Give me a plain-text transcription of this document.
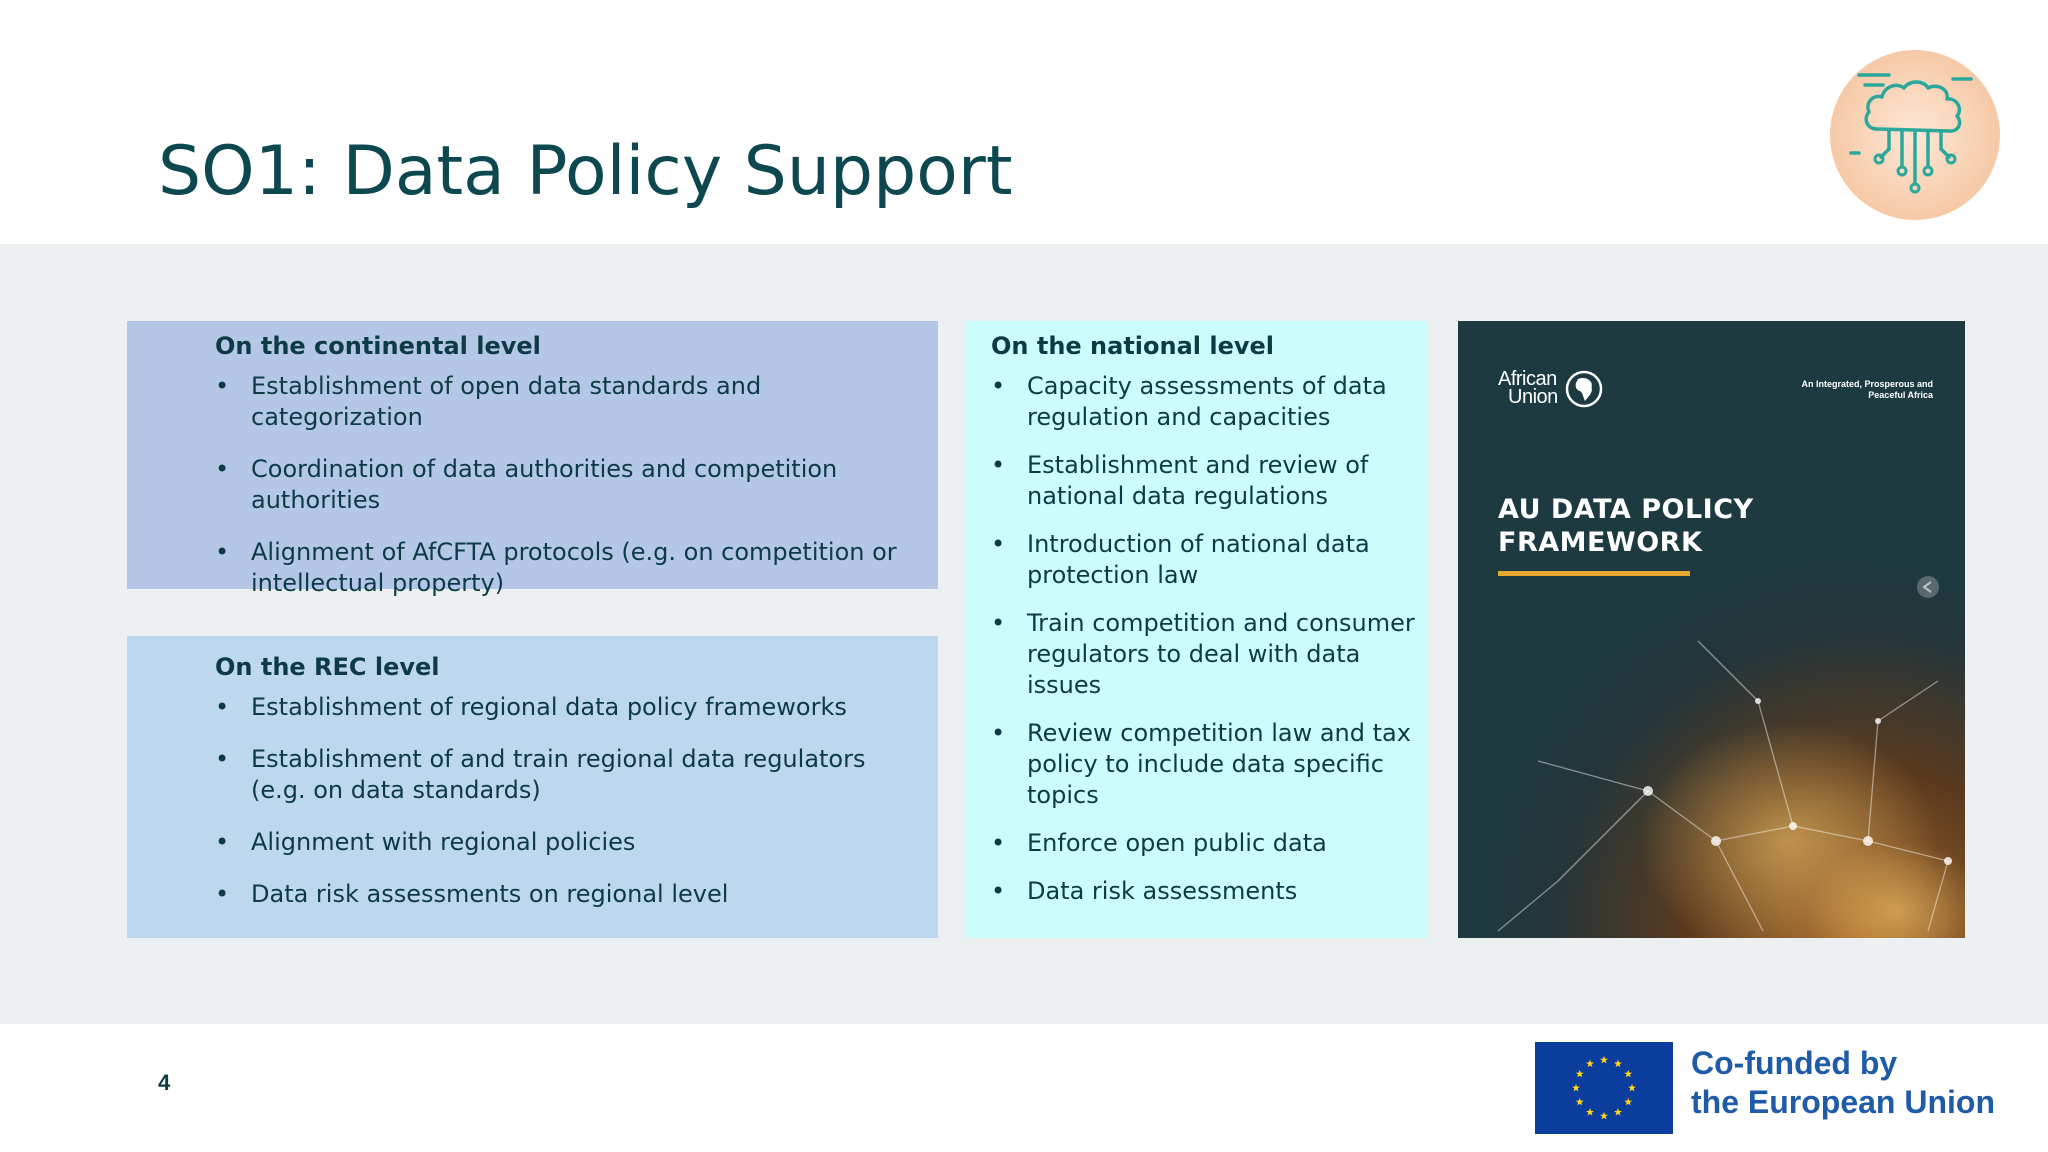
SO1: Data Policy Support
On the continental level
• Establishment of open data standards and categorization
• Coordination of data authorities and competition authorities
• Alignment of AfCFTA protocols (e.g. on competition or intellectual property)
On the REC level
• Establishment of regional data policy frameworks
• Establishment of and train regional data regulators (e.g. on data standards)
• Alignment with regional policies
• Data risk assessments on regional level
On the national level
• Capacity assessments of data regulation and capacities
• Establishment and review of national data regulations
• Introduction of national data protection law
• Train competition and consumer regulators to deal with data issues
• Review competition law and tax policy to include data specific topics
• Enforce open public data
• Data risk assessments
African
Union
An Integrated, Prosperous and Peaceful Africa
AU DATA POLICY FRAMEWORK
4
Co-funded by
the European Union
